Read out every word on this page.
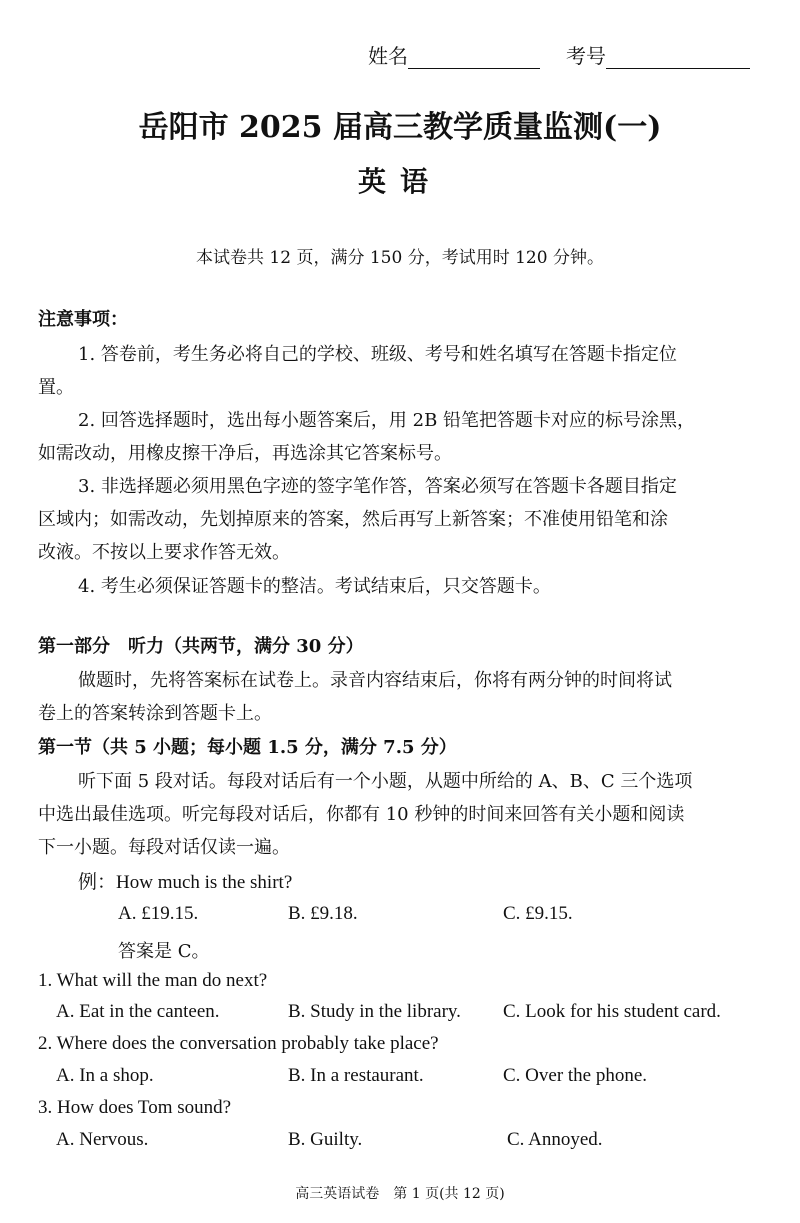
姓名	考号
岳阳市 2025 届高三教学质量监测(一)
英语
本试卷共 12 页，满分 150 分，考试用时 120 分钟。
注意事项：
1. 答卷前，考生务必将自己的学校、班级、考号和姓名填写在答题卡指定位
置。
2. 回答选择题时，选出每小题答案后，用 2B 铅笔把答题卡对应的标号涂黑，
如需改动，用橡皮擦干净后，再选涂其它答案标号。
3. 非选择题必须用黑色字迹的签字笔作答，答案必须写在答题卡各题目指定
区域内；如需改动，先划掉原来的答案，然后再写上新答案；不准使用铅笔和涂
改液。不按以上要求作答无效。
4. 考生必须保证答题卡的整洁。考试结束后，只交答题卡。
第一部分　听力（共两节，满分 30 分）
做题时，先将答案标在试卷上。录音内容结束后，你将有两分钟的时间将试
卷上的答案转涂到答题卡上。
第一节（共 5 小题；每小题 1.5 分，满分 7.5 分）
听下面 5 段对话。每段对话后有一个小题，从题中所给的 A、B、C 三个选项
中选出最佳选项。听完每段对话后，你都有 10 秒钟的时间来回答有关小题和阅读
下一小题。每段对话仅读一遍。
例：How much is the shirt?
A. £19.15.	B. £9.18.	C. £9.15.
答案是 C。
1. What will the man do next?
A. Eat in the canteen.	B. Study in the library. C. Look for his student card.
2. Where does the conversation probably take place?
A. In a shop.	B. In a restaurant.	C. Over the phone.
3. How does Tom sound?
A. Nervous.	B. Guilty.	C. Annoyed.
高三英语试卷　第 1 页(共 12 页)
